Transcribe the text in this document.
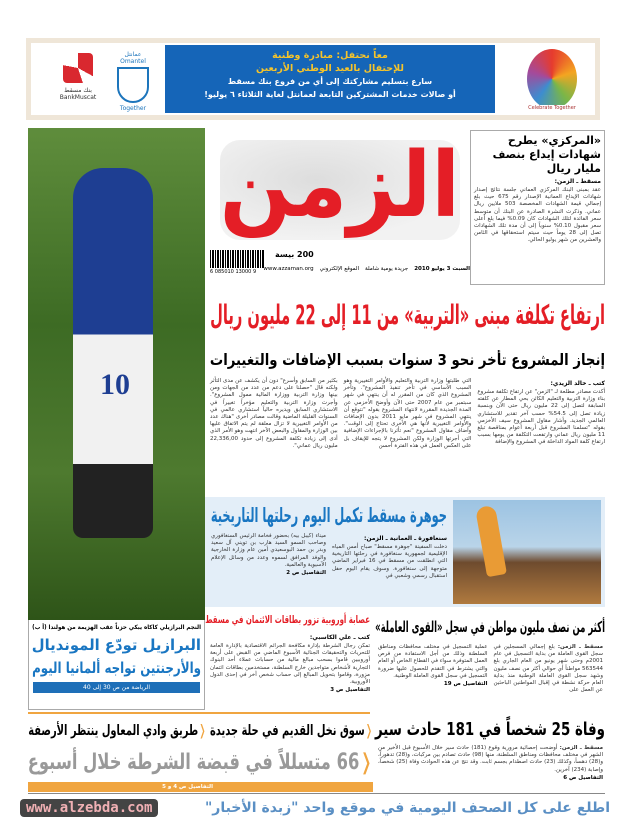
بنك مسقط BankMuscat
عمانتل Omantel
Together
معاً نحتفل: مبادرة وطنية
للإحتفال بالعيد الوطني الأربعين
سارع بتسليم مشاركتك إلى أي من فروع بنك مسقط
أو صالات خدمات المشتركين التابعة لعمانتل لغاية الثلاثاء ٦ يوليو!
Celebrate Together
10
النجم البرازيلي كاكاه يبكي حزناً عقب الهزيمة من هولندا (أ ب)
البرازيل تودّع المونديال
والأرجنتين تواجه ألمانيا اليوم
الرياضة من ص 30 إلى 40
الزمن
6 085010 13000 9
200 بيسة
السبت 3 يوليو 2010
جريدة يومية شاملة
الموقع الإلكتروني
www.azzaman.org
«المركزي» يطرح شهادات إيداع بنصف مليار ريال
مسقط ـ الزمن:
عقد بمبنى البنك المركزي العماني جلسة نتائج إصدار شهادات الإيداع العمانية الإصدار رقم 675 حيث بلغ إجمالي قيمة الشهادات المخصصة 503 ملايين ريال عماني. وذكرت النشرة الصادرة عن البنك أن متوسط سعر الفائدة لتلك الشهادات كان 0.09% فيما بلغ أعلى سعر مقبول 0.10% سنوياً إلى أن مدة تلك الشهادات تصل إلى 28 يوماً حيث سيتم استحقاقها في الثامن والعشرين من شهر يوليو الحالي.
ارتفاع تكلفة مبنى «التربية» من 11 إلى 22 مليون ريال
إنجاز المشروع تأخر نحو 3 سنوات بسبب الإضافات والتغييرات
كتب ـ خالد الزيدي:
أكدت مصادر مطلعة لـ "الزمن" عن ارتفاع تكلفة مشروع بناء وزارة التربية والتعليم الكائن بحي المطار عن كلفته السابقة لتصل إلى 22 مليون ريال حتى الآن وبنسبة زيادة تصل إلى 54.5% حسب آخر تقدير للاستشاري العالمي الجديد. وأشار مقاول المشروع سيف الأخزمي بقوله "تسلمنا المشروع قبل أربعة أعوام بمناقصة تبلغ 11 مليون ريال عماني وارتفعت التكلفة من يومها بسبب ارتفاع كلفة المواد الداخلة في المشروع والإضافة
التي طلبتها وزارة التربية والتعليم والأوامر التغييرية وهو السبب الأساسي في تأخر تنفيذ المشروع". وتأخر المشروع الذي كان من المقرر له أن ينتهي في شهر سبتمبر من عام 2007 حتى الآن وأوضح الأخزمي عن المدة الجديدة المقررة لانتهاء المشروع بقوله "نتوقع أن ينتهي المشروع في شهر مايو 2011 بدون الإضافات والأوامر التغييرية لأنها هي الأخرى تحتاج إلى الوقت". وأضاف مقاول المشروع "نعم تأثرنا بالإجراءات الإضافية التي أجرتها الوزارة ولكن المشروع لا يتجه للإيقاف بل على العكس العمل في هذه الفترة أحسن
بكثير من السابق وأسرع" دون أن يكشف عن مدى التأثر ولكنه قال "حصلنا على دعم من عدد من الجهات ومن بينها وزارة التربية ووزارة المالية ممول المشروع". وأجرت وزارة التربية والتعليم مؤخراً تغييراً في الاستشاري السابق ويديره حالياً استشاري عالمي في السنوات القليلة الماضية وقالت مصادر أخرى "هناك عدد من الأوامر التغييرية لا تزال معلقة لم يتم الاتفاق عليها بين الوزارة والمقاول والبعض الآخر انتهت وهو الأمر الذي أدى إلى زيادة تكلفة المشروع إلى حدود 22,336,00 مليون ريال عماني".
جوهرة مسقط تكمل اليوم رحلتها التاريخية
سنغافورة ـ العمانية ـ الزمن:
دخلت السفينة "جوهرة مسقط" صباح أمس المياه الإقليمية لجمهورية سنغافورة في رحلتها التاريخية التي انطلقت من مسقط في 16 فبراير الماضي متوجهة إلى سنغافورة. وسوف يقام اليوم حفل استقبال رسمي وشعبي في
ميناء (كيبل بيه) بحضور فخامة الرئيس السنغافوري وصاحب السمو السيد هارب بن تويني آل سعيد وبدر بن حمد البوسعيدي أمين عام وزارة الخارجية والوفد المرافق لسموه وعدد من وسائل الإعلام الآسيوية والعالمية.
التفاصيل ص 2
عصابة أوروبية تزور بطاقات الائتمان في مسقط
كتب ـ علي الكاسبي:
تمكن رجال الشرطة بإدارة مكافحة الجرائم الاقتصادية بالإدارة العامة للتحريات والتحقيقات الجنائية الأسبوع الماضي من القبض على أربعة أوروبيين قاموا بسحب مبالغ مالية من حسابات عملاء أحد البنوك التجارية لأشخاص متواجدين خارج السلطنة، مستخدمين بطاقات ائتمان مزورة، وقاموا بتحويل المبالغ إلى حساب شخص آخر في إحدى الدول الأوروبية.
التفاصيل ص 3
أكثر من نصف مليون مواطن في سجل «القوى العاملة»
مسقط ـ الزمن: بلغ إجمالي المسجلين في سجل القوى العاملة من بداية التسجيل في عام 2001م وحتى شهر يونيو من العام الجاري بلغ 563544 مواطناً أي حوالي أكثر من نصف مليون وشهد سجل القوى العاملة الوطنية منذ بداية العام حركة نشطة في إقبال المواطنين الباحثين عن العمل على
عملية التسجيل في مختلف محافظات ومناطق السلطنة وذلك من أجل الاستفادة من فرص العمل المتوفرة سواء في القطاع الخاص أو العام والتي يشترط في التقدم للحصول عليها ضرورة التسجيل في سجل القوى العاملة الوطنية.
التفاصيل ص 19
❬سوق نخل القديم في حلة جديدة ❬طريق وادي المعاول ينتظر الأرصفة
❬66 متسللاً في قبضة الشرطة خلال أسبوع
التفاصيل ص 4 و 5
وفاة 25 شخصاً في 181 حادث سير
مسقط ـ الزمن: أوضحت إحصائية مرورية وقوع (181) حادث سير خلال الأسبوع قبل الأخير من الشهر في مختلف محافظات ومناطق السلطنة، منها (98) حادث تصادم بين مركبات، و(28) تدهوراً، و(28) دهساً، وكذلك (23) حادث اصطدام بجسم ثابت. وقد نتج عن هذه الحوادث وفاة (25) شخصاً، وإصابة (234) آخرين.
التفاصيل ص 6
اطلع على كل الصحف اليومية في موقع واحد "زبدة الأخبار"
www.alzebda.com
